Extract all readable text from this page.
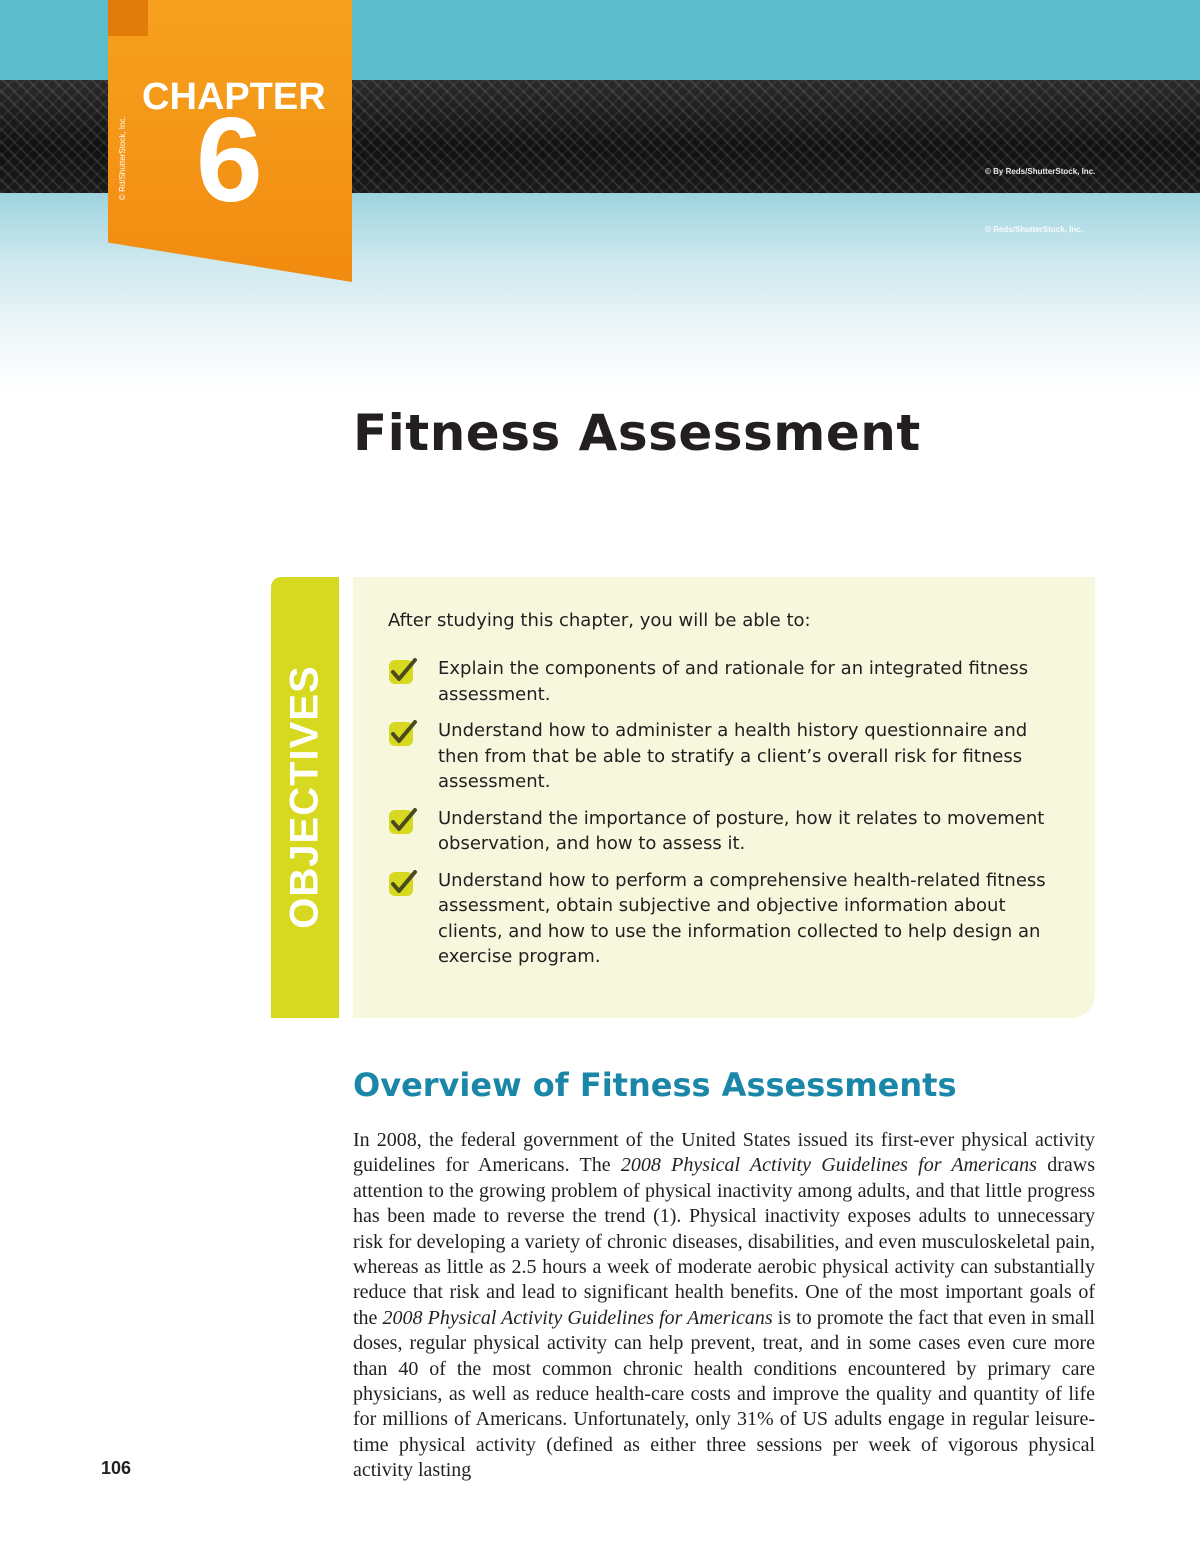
© By Reds/ShutterStock, Inc.
© Reds/ShutterStock, Inc.
© Rd/ShutterStock, Inc.
CHAPTER
6
Fitness Assessment
OBJECTIVES

After studying this chapter, you will be able to:

Explain the components of and rationale for an integrated fitness assessment.
Understand how to administer a health history questionnaire and then from that be able to stratify a client’s overall risk for fitness assessment.
Understand the importance of posture, how it relates to movement observation, and how to assess it.
Understand how to perform a comprehensive health-related fitness assessment, obtain subjective and objective information about clients, and how to use the information collected to help design an exercise program.
Overview of Fitness Assessments

In 2008, the federal government of the United States issued its first-ever physical activity guidelines for Americans. The 2008 Physical Activity Guidelines for Americans draws attention to the growing problem of physical inactivity among adults, and that little progress has been made to reverse the trend (1). Physical inactivity exposes adults to unnecessary risk for developing a variety of chronic diseases, disabilities, and even musculoskeletal pain, whereas as little as 2.5 hours a week of moderate aerobic physical activity can substantially reduce that risk and lead to significant health benefits. One of the most important goals of the 2008 Physical Activity Guidelines for Americans is to promote the fact that even in small doses, regular physical activity can help prevent, treat, and in some cases even cure more than 40 of the most common chronic health conditions encountered by primary care physicians, as well as reduce health-care costs and improve the quality and quantity of life for millions of Americans. Unfortunately, only 31% of US adults engage in regular leisure-time physical activity (defined as either three sessions per week of vigorous physical activity lasting

106
